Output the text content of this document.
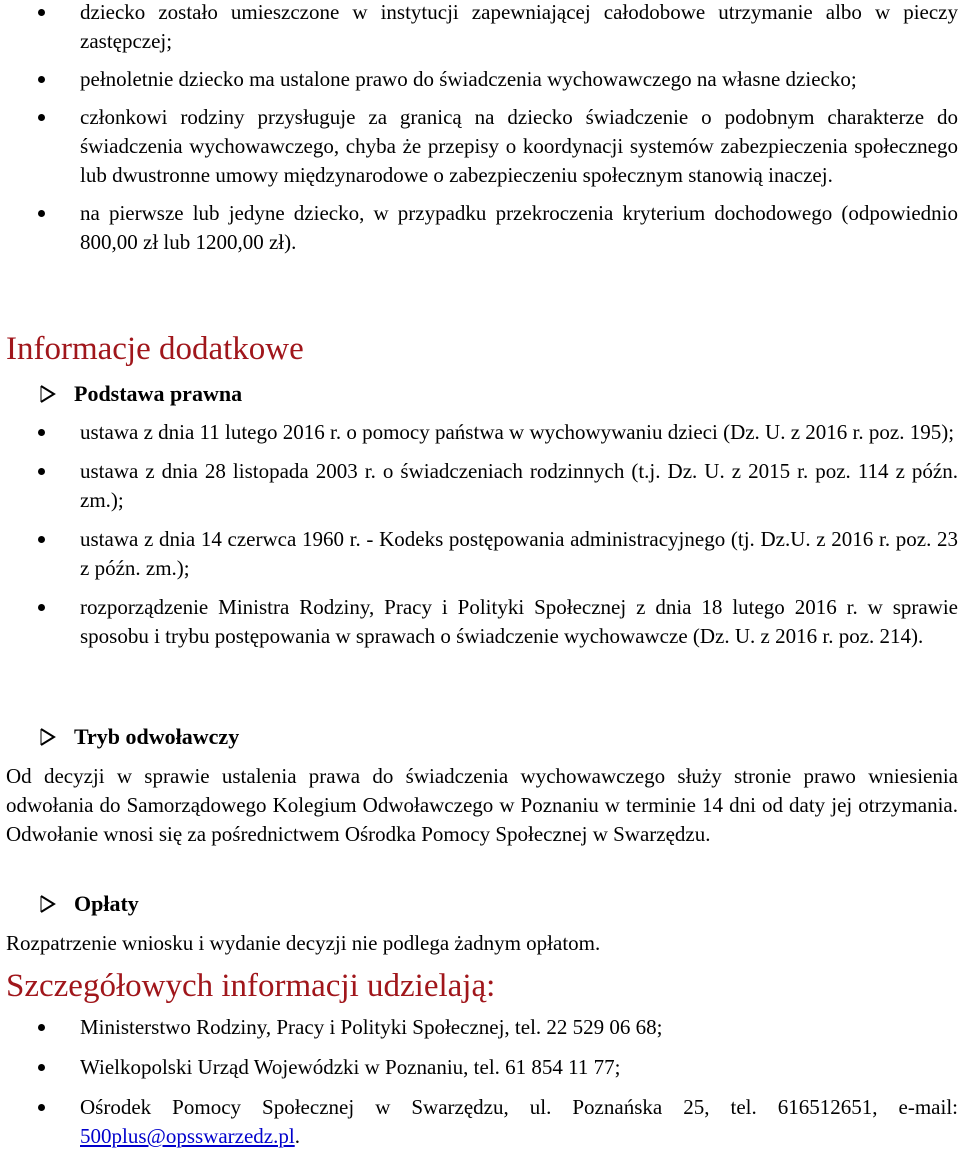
dziecko zostało umieszczone w instytucji zapewniającej całodobowe utrzymanie albo w pieczy zastępczej;
pełnoletnie dziecko ma ustalone prawo do świadczenia wychowawczego na własne dziecko;
członkowi rodziny przysługuje za granicą na dziecko świadczenie o podobnym charakterze do świadczenia wychowawczego, chyba że przepisy o koordynacji systemów zabezpieczenia społecznego lub dwustronne umowy międzynarodowe o zabezpieczeniu społecznym stanowią inaczej.
na pierwsze lub jedyne dziecko, w przypadku przekroczenia kryterium dochodowego (odpowiednio 800,00 zł lub 1200,00 zł).
Informacje dodatkowe
Podstawa prawna
ustawa z dnia 11 lutego 2016 r. o pomocy państwa w wychowywaniu dzieci (Dz. U. z 2016 r. poz. 195);
ustawa z dnia 28 listopada 2003 r. o świadczeniach rodzinnych (t.j. Dz. U. z 2015 r. poz. 114 z późn. zm.);
ustawa z dnia 14 czerwca 1960 r. - Kodeks postępowania administracyjnego (tj. Dz.U. z 2016 r. poz. 23 z późn. zm.);
rozporządzenie Ministra Rodziny, Pracy i Polityki Społecznej z dnia 18 lutego 2016 r. w sprawie sposobu i trybu postępowania w sprawach o świadczenie wychowawcze (Dz. U. z 2016 r. poz. 214).
Tryb odwoławczy

Od decyzji w sprawie ustalenia prawa do świadczenia wychowawczego służy stronie prawo wniesienia odwołania do Samorządowego Kolegium Odwoławczego w Poznaniu w terminie 14 dni od daty jej otrzymania. Odwołanie wnosi się za pośrednictwem Ośrodka Pomocy Społecznej w Swarzędzu.

Opłaty

Rozpatrzenie wniosku i wydanie decyzji nie podlega żadnym opłatom.

Szczegółowych informacji udzielają:
Ministerstwo Rodziny, Pracy i Polityki Społecznej, tel. 22 529 06 68;
Wielkopolski Urząd Wojewódzki w Poznaniu, tel. 61 854 11 77;
Ośrodek Pomocy Społecznej w Swarzędzu, ul. Poznańska 25, tel. 616512651, e-mail: 500plus@opsswarzedz.pl.
